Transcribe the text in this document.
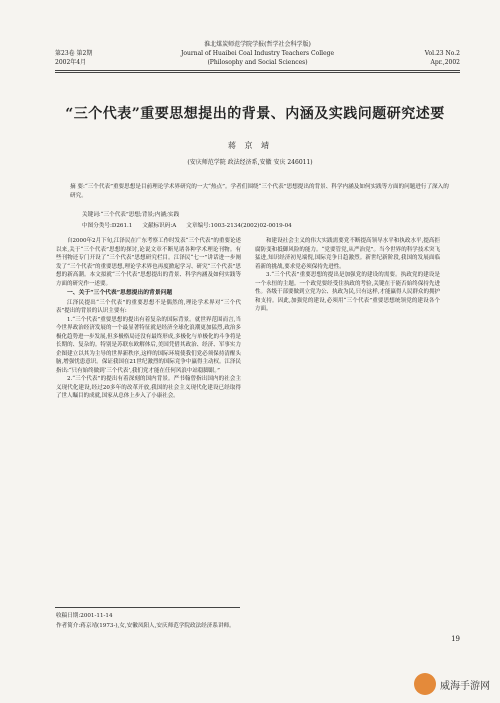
淮北煤炭师范学院学报(哲学社会科学版)
第23卷 第2期	Journal of Huaibei Coal Industry Teachers College	Vol.23 No.2
2002年4月	(Philosophy and Social Sciences)	Apr.,2002
“三个代表”重要思想提出的背景、内涵及实践问题研究述要
蒋 京 靖
(安庆师范学院 政法经济系,安徽 安庆 246011)
摘 要:“三个代表”重要思想是目前理论学术界研究的一大“热点”。学者们围绕“三个代表”思想提出的背景、科学内涵及如何实践等方面的问题进行了深入的研究。
关键词:“三个代表”思想;背景;内涵;实践
中图分类号:D261.1 文献标识码:A 文章编号:1003-2134(2002)02-0019-04

自2000年2月下旬,江泽民在广东考察工作时发表“三个代表”的重要论述以来,关于“三个代表”思想的探讨,论说文章不断见诸各种学术理论刊物。有些刊物还专门开设了“三个代表”思想研究栏目。江泽民“七一”讲话进一步阐发了“三个代表”的重要思想,理论学术界也再度掀起学习、研究“三个代表”思想的新高潮。本文拟就“三个代表”思想提出的背景、科学内涵及如何实践等方面的研究作一述要。

一、关于“三个代表”思想提出的背景问题

江泽民提出“三个代表”的重要思想不是偶然的,理论学术界对“三个代表”提出的背景的认识主要有:

1.“三个代表”重要思想的提出有着复杂的国际背景。就世界范围而言,当今世界政治经济发展的一个最显著特征就是经济全球化浪潮更加猛烈,政治多极化趋势进一步发展,但多极格局还没有最终形成,多极化与单极化的斗争将是长期的、复杂的。特别是苏联东欧解体后,美国凭借其政治、经济、军事实力企图建立以其为主导的世界新秩序,这样的国际环境使我们党必须保持清醒头脑,增强忧患意识。保证我国在21世纪激烈的国际竞争中赢得主动权。江泽民指出:“只有始终做到‘三个代表’,我们党才能在任何风浪中站稳脚跟。”

2.“三个代表”的提出有着深刻的国内背景。严书翰曾指出国内的社会主义现代化建设,经过20多年的改革开放,我国的社会主义现代化建设已经取得了世人瞩目的成就,国家从总体上步入了小康社会。

和建设社会主义的伟大实践需要党不断提高领导水平和执政水平,提高拒腐防变和抵御风险的能力。“党要管党,从严治党”。当今世界的科学技术突飞猛进,知识经济初见端倪,国际竞争日趋激烈。新世纪新阶段,我国的发展面临着新的挑战,要求党必须保持先进性。

3.“三个代表”重要思想的提出是加强党的建设的需要。执政党的建设是一个永恒的主题。一个政党要经受住执政的考验,关键在于能否始终保持先进性。各级干部要做到立党为公、执政为民,只有这样,才能赢得人民群众的拥护和支持。因此,加强党的建设,必须用“三个代表”重要思想统领党的建设各个方面。

收稿日期:2001-11-14
作者简介:蒋京靖(1973-),女,安徽凤阳人,安庆师范学院政法经济系讲师。
19
威海手游网
